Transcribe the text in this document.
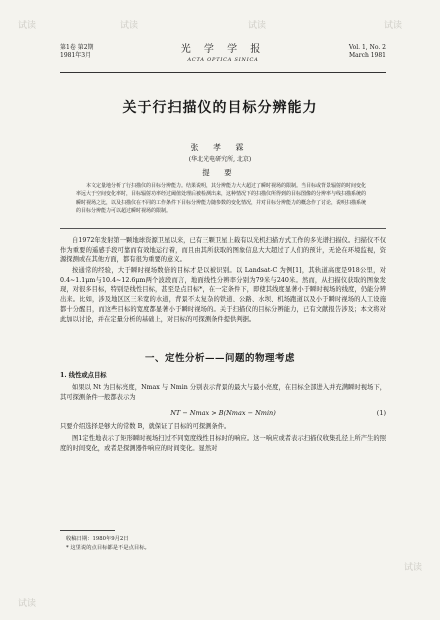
第1卷 第2期
1981年3月
光 学 学 报
ACTA OPTICA SINICA
Vol. 1, No. 2
March 1981
试读	试读	试读	试读
试读
试读
关于行扫描仪的目标分辨能力
张 孝 霖
(华北光电研究所, 北京)
提 要

本文定量地分析了行扫描仪的目标分辨能力。结果说明，其分辨能力大大超过了瞬时视场的限制。当目标或背景辐射的时间变化率远大于空间变化率时，目标辐射功率经过阈值处理后被检测出来，这种情况下的扫描仪所得到的目标图像的分辨率与线扫描系统的瞬时视场之比，以及扫描仪在不同的工作条件下目标分辨能力随参数的变化情况，并对目标分辨能力的概念作了讨论，说明扫描系统的目标分辨能力可以超过瞬时视场的限制。

自1972年发射第一颗地球资源卫星以来，已有三颗卫星上载有以光机扫描方式工作的多光谱扫描仪。扫描仪不仅作为重要的遥感手段可靠而有效地运行着，而且由其所获取的图象信息大大超过了人们的预计，无论在环境监视，资源探测或在其他方面，都有很为重要的意义。

按通常的经验，大于瞬时视场数倍的目标才是以被识别。以 Landsat-C 为例[1]，其轨道高度是918公里，对0.4~1.1μm与10.4~12.6μm两个波段而言，地面线性分辨率分别为79米与240米。然而，从扫描仪获取的图象发现，对很多目标，特别是线性目标，甚至是点目标*，在一定条件下，即使其线度显著小于瞬时视场的线度，仍能分辨出来。比如，涉及地区区三米宽的水道，背景不太复杂的铁道、公路、水坝、机场跑道以及小于瞬时视场的人工设施都十分醒目，而这些目标的宽度都显著小于瞬时视场的。关于扫描仪的目标分辨能力，已有文献报告涉及；本文将对此加以讨论，并在定量分析的基础上，对目标的可探测条件提供判据。

一、定性分析——问题的物理考虑
1. 线性或点目标

如果以 Nt 为目标亮度，Nmax 与 Nmin 分别表示背景的最大与最小亮度，在目标全部进入并充满瞬时视场下，其可探测条件一般都表示为

NT − Nmax > B(Nmax − Nmin)	(1)

只要介绍选择是够大的常数 B，就保证了目标的可探测条件。

图1定性地表示了矩形瞬时视场扫过不同宽度线性目标时的响应。这一响应或者表示扫描仪收集孔径上所产生的照度的时间变化，或者是探测器件响应的时间变化。显然对

收稿日期：1980年9月2日
* 这里说的点目标都是不是点目标。
